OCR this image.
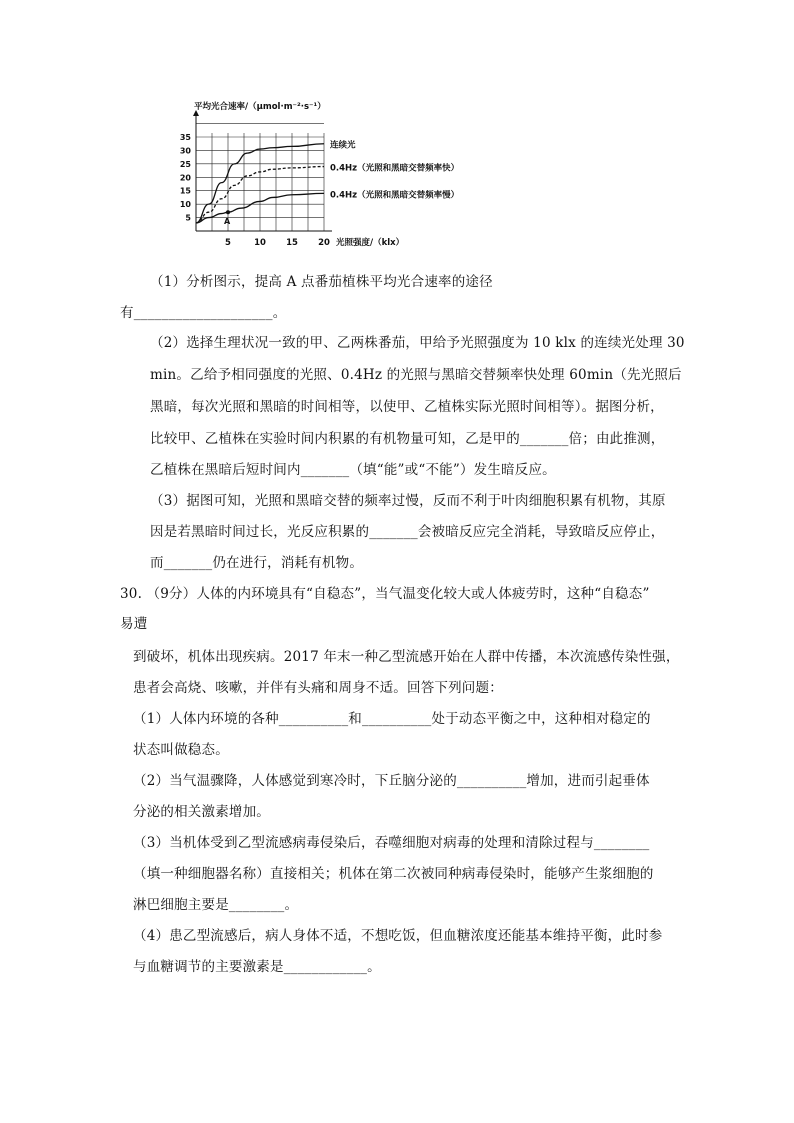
5	10 15 20
5
10
15
20
25
30
35
连续光
0.4Hz（光照和黑暗交替频率快）
0.4Hz（光照和黑暗交替频率慢）
A
平均光合速率/（μmol·m⁻²·s⁻¹）
光照强度/（klx）
（1）分析图示，提高 A 点番茄植株平均光合速率的途径
有____________________。
（2）选择生理状况一致的甲、乙两株番茄，甲给予光照强度为 10 klx 的连续光处理 30
min。乙给予相同强度的光照、0.4Hz 的光照与黑暗交替频率快处理 60min（先光照后
黑暗，每次光照和黑暗的时间相等，以使甲、乙植株实际光照时间相等）。据图分析，
比较甲、乙植株在实验时间内积累的有机物量可知，乙是甲的_______倍；由此推测，
乙植株在黑暗后短时间内_______（填“能”或“不能”）发生暗反应。
（3）据图可知，光照和黑暗交替的频率过慢，反而不利于叶肉细胞积累有机物，其原
因是若黑暗时间过长，光反应积累的_______会被暗反应完全消耗，导致暗反应停止，
而_______仍在进行，消耗有机物。
30. （9分）人体的内环境具有“自稳态”，当气温变化较大或人体疲劳时，这种“自稳态”
易遭
到破坏，机体出现疾病。2017 年末一种乙型流感开始在人群中传播，本次流感传染性强，
患者会高烧、咳嗽，并伴有头痛和周身不适。回答下列问题：
（1）人体内环境的各种__________和__________处于动态平衡之中，这种相对稳定的
状态叫做稳态。
（2）当气温骤降，人体感觉到寒冷时，下丘脑分泌的__________增加，进而引起垂体
分泌的相关激素增加。
（3）当机体受到乙型流感病毒侵染后，吞噬细胞对病毒的处理和清除过程与________
（填一种细胞器名称）直接相关；机体在第二次被同种病毒侵染时，能够产生浆细胞的
淋巴细胞主要是________。
（4）患乙型流感后，病人身体不适，不想吃饭，但血糖浓度还能基本维持平衡，此时参
与血糖调节的主要激素是____________。
